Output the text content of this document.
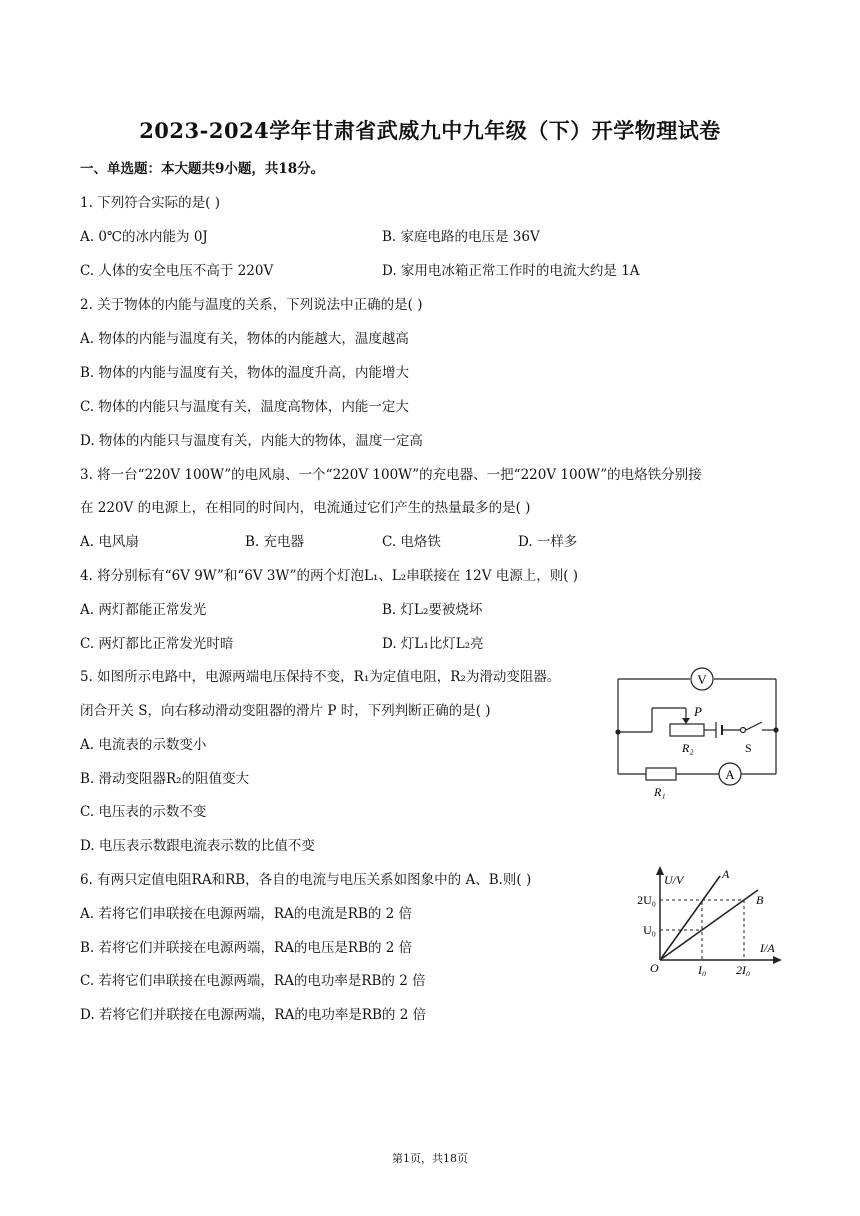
2023-2024学年甘肃省武威九中九年级（下）开学物理试卷
一、单选题：本大题共9小题，共18分。
1. 下列符合实际的是( )
A. 0℃的冰内能为 0J	B. 家庭电路的电压是 36V
C. 人体的安全电压不高于 220V	D. 家用电冰箱正常工作时的电流大约是 1A
2. 关于物体的内能与温度的关系，下列说法中正确的是( )
A. 物体的内能与温度有关，物体的内能越大，温度越高
B. 物体的内能与温度有关，物体的温度升高，内能增大
C. 物体的内能只与温度有关，温度高物体，内能一定大
D. 物体的内能只与温度有关，内能大的物体，温度一定高
3. 将一台“220V 100W”的电风扇、一个“220V 100W”的充电器、一把“220V 100W”的电烙铁分别接
在 220V 的电源上，在相同的时间内，电流通过它们产生的热量最多的是( )
A. 电风扇	B. 充电器	C. 电烙铁	D. 一样多
4. 将分别标有“6V 9W”和“6V 3W”的两个灯泡L₁、L₂串联接在 12V 电源上，则( )
A. 两灯都能正常发光	B. 灯L₂要被烧坏
C. 两灯都比正常发光时暗	D. 灯L₁比灯L₂亮
5. 如图所示电路中，电源两端电压保持不变，R₁为定值电阻，R₂为滑动变阻器。
闭合开关 S，向右移动滑动变阻器的滑片 P 时，下列判断正确的是( )
A. 电流表的示数变小
B. 滑动变阻器R₂的阻值变大
C. 电压表的示数不变
D. 电压表示数跟电流表示数的比值不变
V
A
P
R₂
R₁
S
6. 有两只定值电阻RA和RB，各自的电流与电压关系如图象中的 A、B.则( )
A. 若将它们串联接在电源两端，RA的电流是RB的 2 倍
B. 若将它们并联接在电源两端，RA的电压是RB的 2 倍
C. 若将它们串联接在电源两端，RA的电功率是RB的 2 倍
D. 若将它们并联接在电源两端，RA的电功率是RB的 2 倍
U/V
I/A
O
2U₀
U₀
I₀ 2I₀
A
B
第1页，共18页
